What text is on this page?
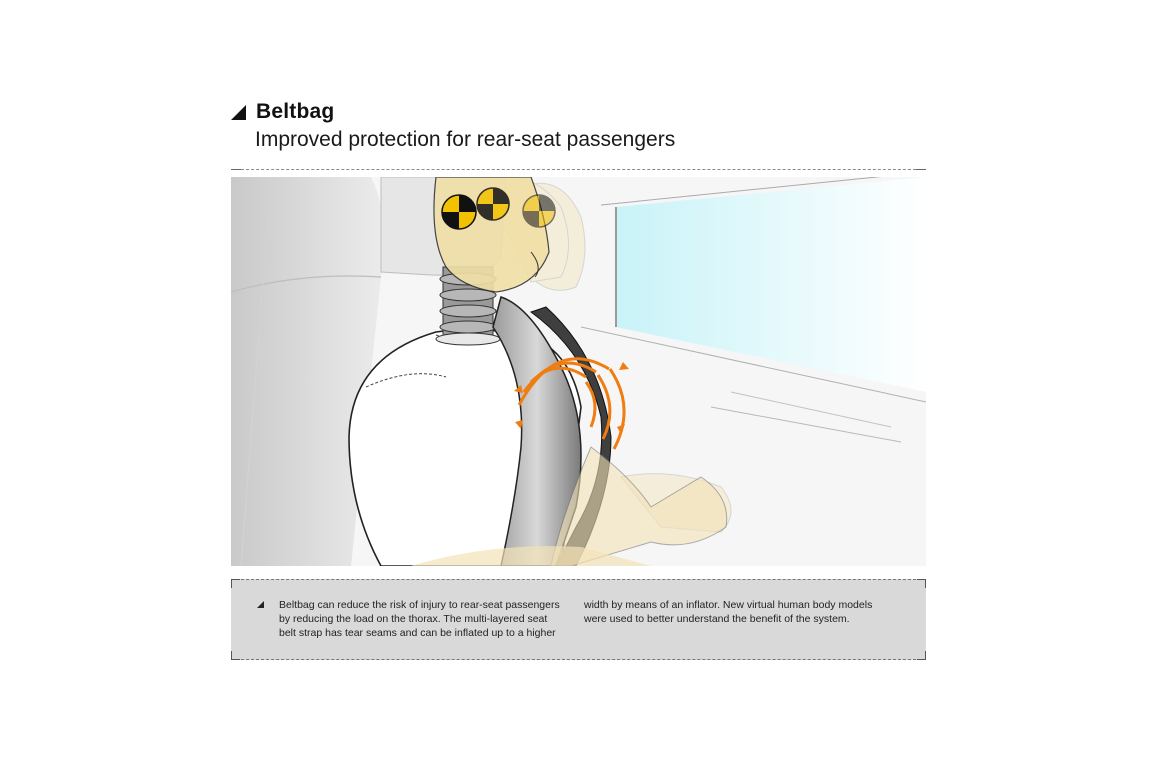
Beltbag
Improved protection for rear-seat passengers
Beltbag can reduce the risk of injury to rear-seat passengers
by reducing the load on the thorax. The multi-layered seat
belt strap has tear seams and can be inflated up to a higher
width by means of an inflator. New virtual human body models
were used to better understand the benefit of the system.
